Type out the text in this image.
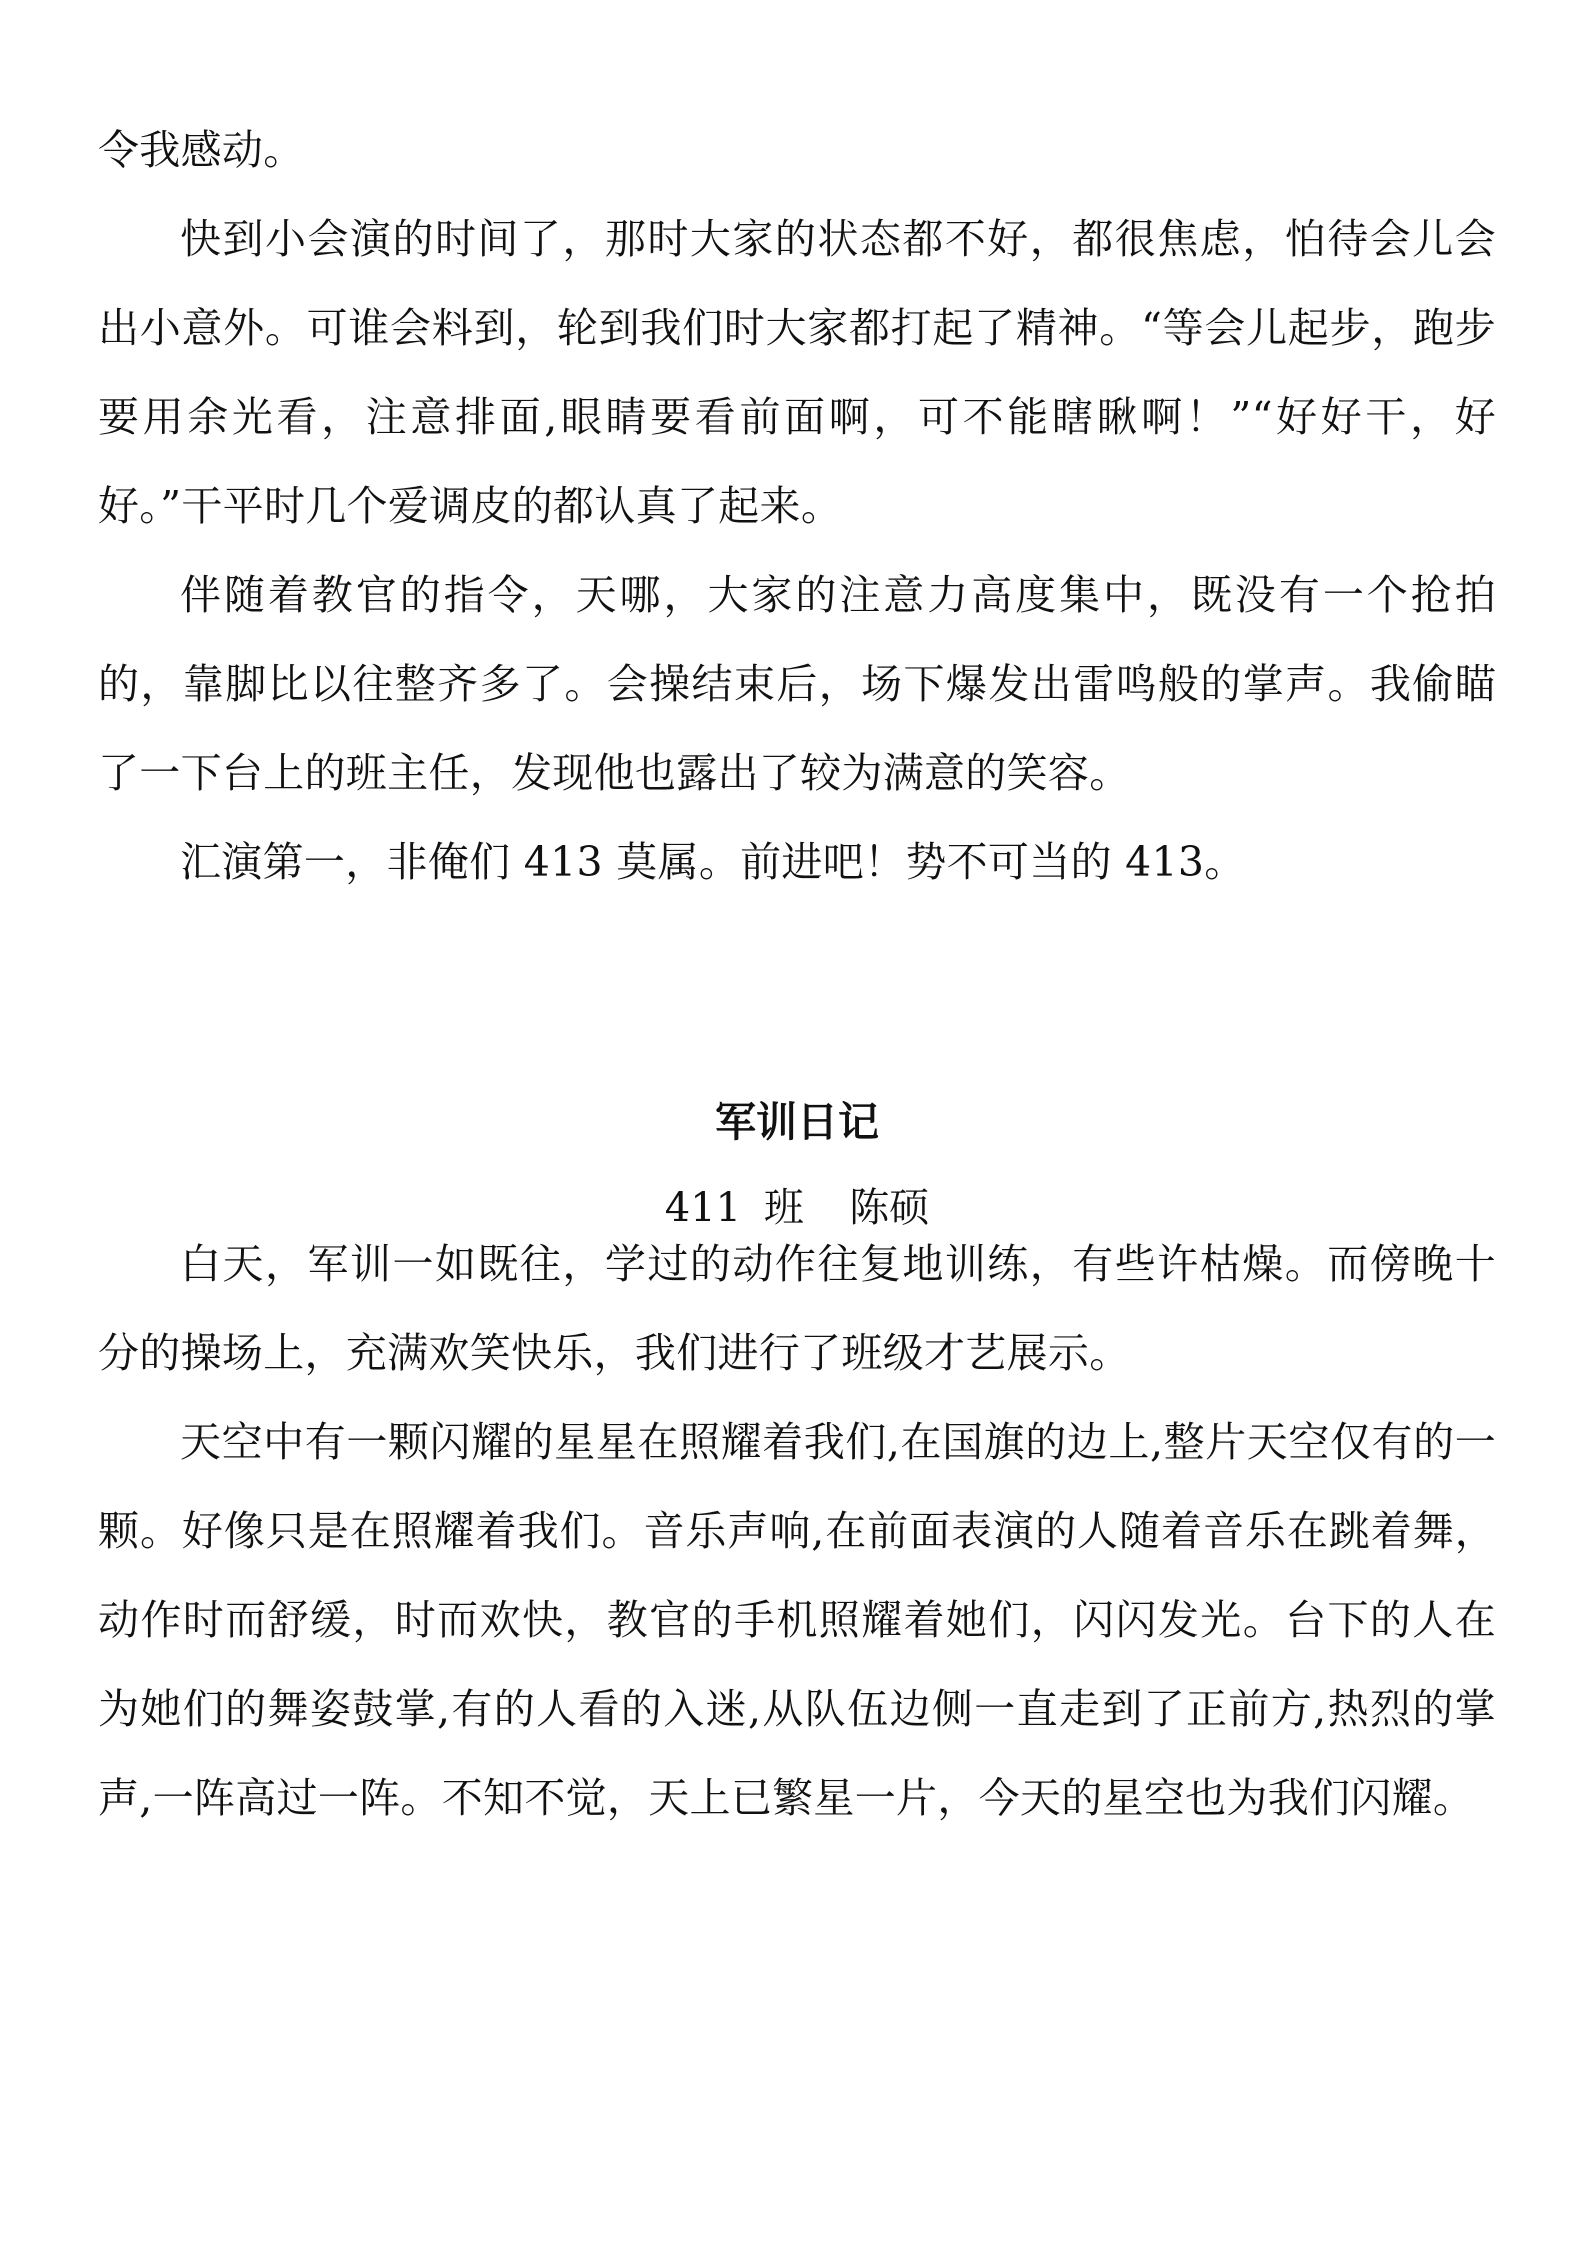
令我感动。

快到小会演的时间了，那时大家的状态都不好，都很焦虑，怕待会儿会出小意外。可谁会料到，轮到我们时大家都打起了精神。“等会儿起步，跑步要用余光看，注意排面,眼睛要看前面啊，可不能瞎瞅啊！”“好好干，好好。”干平时几个爱调皮的都认真了起来。

伴随着教官的指令，天哪，大家的注意力高度集中，既没有一个抢拍的，靠脚比以往整齐多了。会操结束后，场下爆发出雷鸣般的掌声。我偷瞄了一下台上的班主任，发现他也露出了较为满意的笑容。

汇演第一，非俺们 413 莫属。前进吧！势不可当的 413。

军训日记

411 班  陈硕

白天，军训一如既往，学过的动作往复地训练，有些许枯燥。而傍晚十分的操场上，充满欢笑快乐，我们进行了班级才艺展示。

天空中有一颗闪耀的星星在照耀着我们,在国旗的边上,整片天空仅有的一颗。好像只是在照耀着我们。音乐声响,在前面表演的人随着音乐在跳着舞，动作时而舒缓，时而欢快，教官的手机照耀着她们，闪闪发光。台下的人在为她们的舞姿鼓掌,有的人看的入迷,从队伍边侧一直走到了正前方,热烈的掌声,一阵高过一阵。不知不觉，天上已繁星一片，今天的星空也为我们闪耀。
